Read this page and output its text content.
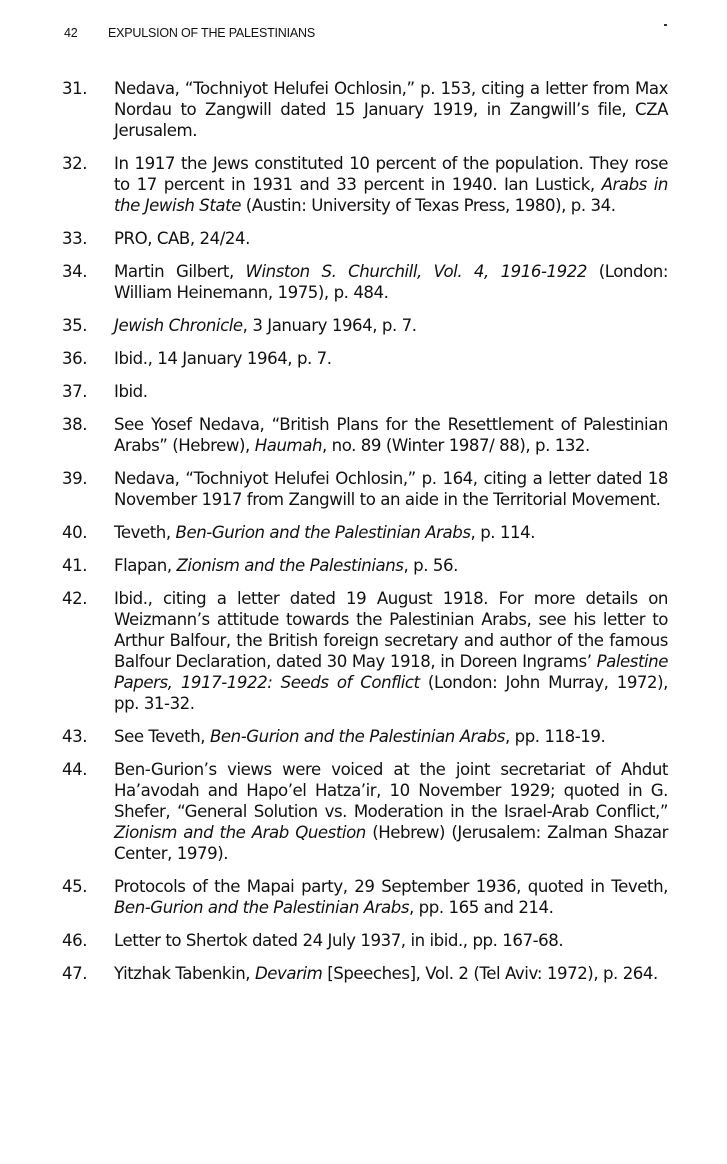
42 EXPULSION OF THE PALESTINIANS
31.	Nedava, “Tochniyot Helufei Ochlosin,” p. 153, citing a letter from Max Nordau to Zangwill dated 15 January 1919, in Zangwill’s file, CZA Jerusalem.
32.	In 1917 the Jews constituted 10 percent of the population. They rose to 17 percent in 1931 and 33 percent in 1940. Ian Lustick, Arabs in the Jewish State (Austin: University of Texas Press, 1980), p. 34.
33.	PRO, CAB, 24/24.
34.	Martin Gilbert, Winston S. Churchill, Vol. 4, 1916-1922 (London: William Heinemann, 1975), p. 484.
35.	Jewish Chronicle, 3 January 1964, p. 7.
36.	Ibid., 14 January 1964, p. 7.
37.	Ibid.
38.	See Yosef Nedava, “British Plans for the Resettlement of Palestinian Arabs” (Hebrew), Haumah, no. 89 (Winter 1987/ 88), p. 132.
39.	Nedava, “Tochniyot Helufei Ochlosin,” p. 164, citing a letter dated 18 November 1917 from Zangwill to an aide in the Territorial Movement.
40.	Teveth, Ben-Gurion and the Palestinian Arabs, p. 114.
41.	Flapan, Zionism and the Palestinians, p. 56.
42.	Ibid., citing a letter dated 19 August 1918. For more details on Weizmann’s attitude towards the Palestinian Arabs, see his letter to Arthur Balfour, the British foreign secretary and author of the famous Balfour Declaration, dated 30 May 1918, in Doreen Ingrams’ Palestine Papers, 1917-1922: Seeds of Conflict (London: John Murray, 1972), pp. 31-32.
43.	See Teveth, Ben-Gurion and the Palestinian Arabs, pp. 118-19.
44.	Ben-Gurion’s views were voiced at the joint secretariat of Ahdut Ha’avodah and Hapo’el Hatza’ir, 10 November 1929; quoted in G. Shefer, “General Solution vs. Moderation in the Israel-Arab Conflict,” Zionism and the Arab Question (Hebrew) (Jerusalem: Zalman Shazar Center, 1979).
45.	Protocols of the Mapai party, 29 September 1936, quoted in Teveth, Ben-Gurion and the Palestinian Arabs, pp. 165 and 214.
46.	Letter to Shertok dated 24 July 1937, in ibid., pp. 167-68.
47.	Yitzhak Tabenkin, Devarim [Speeches], Vol. 2 (Tel Aviv: 1972), p. 264.
